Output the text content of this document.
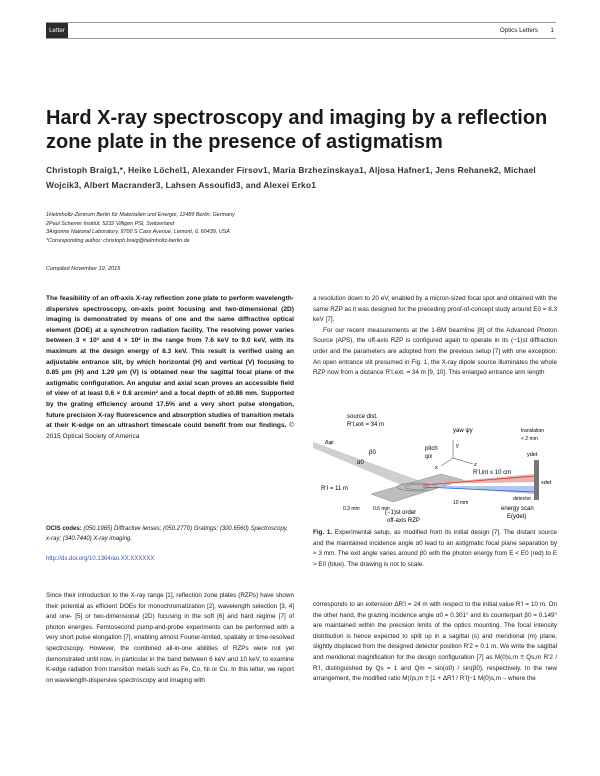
Letter	Optics Letters 1
Hard X-ray spectroscopy and imaging by a reflection zone plate in the presence of astigmatism
Christoph Braig1,*, Heike Löchel1, Alexander Firsov1, Maria Brzhezinskaya1, Aljosa Hafner1, Jens Rehanek2, Michael Wojcik3, Albert Macrander3, Lahsen Assoufid3, and Alexei Erko1
1Helmholtz-Zentrum Berlin für Materialien und Energie, 12489 Berlin, Germany
2Paul Scherrer Institut, 5232 Villigen PSI, Switzerland
3Argonne National Laboratory, 9700 S Cass Avenue, Lemont, IL 60439, USA
*Corresponding author: christoph.braig@helmholtz-berlin.de
Compiled November 19, 2015
The feasibility of an off-axis X-ray reflection zone plate to perform wavelength-dispersive spectroscopy, on-axis point focusing and two-dimensional (2D) imaging is demonstrated by means of one and the same diffractive optical element (DOE) at a synchrotron radiation facility. The resolving power varies between 3 × 10³ and 4 × 10² in the range from 7.6 keV to 9.0 keV, with its maximum at the design energy of 8.3 keV. This result is verified using an adjustable entrance slit, by which horizontal (H) and vertical (V) focusing to 0.85 μm (H) and 1.29 μm (V) is obtained near the sagittal focal plane of the astigmatic configuration. An angular and axial scan proves an accessible field of view of at least 0.6 × 0.8 arcmin² and a focal depth of ±0.86 mm. Supported by the grating efficiency around 17.5% and a very short pulse elongation, future precision X-ray fluorescence and absorption studies of transition metals at their K-edge on an ultrashort timescale could benefit from our findings. © 2015 Optical Society of America
OCIS codes: (050.1965) Diffractive lenses; (050.2770) Gratings; (300.6560) Spectroscopy, x-ray; (340.7440) X-ray imaging.
http://dx.doi.org/10.1364/ao.XX.XXXXXX

Since their introduction to the X-ray range [1], reflection zone plates (RZPs) have shown their potential as efficient DOEs for monochromatization [2], wavelength selection [3, 4] and one- [5] or two-dimensional (2D) focusing in the soft [6] and hard regime [7] of photon energies. Femtosecond pump-and-probe experiments can be performed with a very short pulse elongation [7], enabling almost Fourier-limited, spatially or time-resolved spectroscopy. However, the combined all-in-one abilities of RZPs were not yet demonstrated until now, in particular in the band between 6 keV and 10 keV, to examine K-edge radiation from transition metals such as Fe, Co, Ni or Cu. In this letter, we report on wavelength-dispersive spectroscopy and imaging with

a resolution down to 20 eV, enabled by a micron-sized focal spot and obtained with the same RZP as it was designed for the preceding proof-of-concept study around E0 = 8.3 keV [7].

For our recent measurements at the 1-BM beamline [8] of the Advanced Photon Source (APS), the off-axis RZP is configured again to operate in its (−1)st diffraction order and the parameters are adopted from the previous setup [7] with one exception: An open entrance slit presumed in Fig. 1, the X-ray dipole source illuminates the whole RZP now from a distance R'I,ext. = 34 m [9, 10]. This enlarged entrance arm length

source dist.
R'I,ext = 34 m
yaw ψy
pitch
ψx
y
z
x
R'I,int ≤ 10 cm
Δφi
α0
β0
R'I = 11 m
0.3 mm	0.6 mm
10 mm
(−1)st order
off-axis RZP
energy scan
E(ydet)
translation
< 2 mm
ydet
xdet
detector
Fig. 1. Experimental setup, as modified from its initial design [7]. The distant source and the maintained incidence angle α0 lead to an astigmatic focal plane separation by ≈ 3 mm. The exit angle varies around β0 with the photon energy from E < E0 (red) to E > E0 (blue). The drawing is not to scale.

corresponds to an extension ΔR'I = 24 m with respect to the initial value R'I = 10 m. On the other hand, the grazing incidence angle α0 = 0.301° and its counterpart β0 = 0.149° are maintained within the precision limits of the optics mounting. The focal intensity distribution is hence expected to split up in a sagittal (s) and meridional (m) plane, slightly displaced from the designed detector position R'2 = 0.1 m. We write the sagittal and meridional magnification for the design configuration [7] as M(0)s,m ≡ Qs,m R'2 / R'I, distinguished by Qs = 1 and Qm = sin(α0) / sin(β0), respectively. In the new arrangement, the modified ratio M(i)s,m ≡ [1 + ΔR'I / R'I]−1 M(0)s,m – where the
